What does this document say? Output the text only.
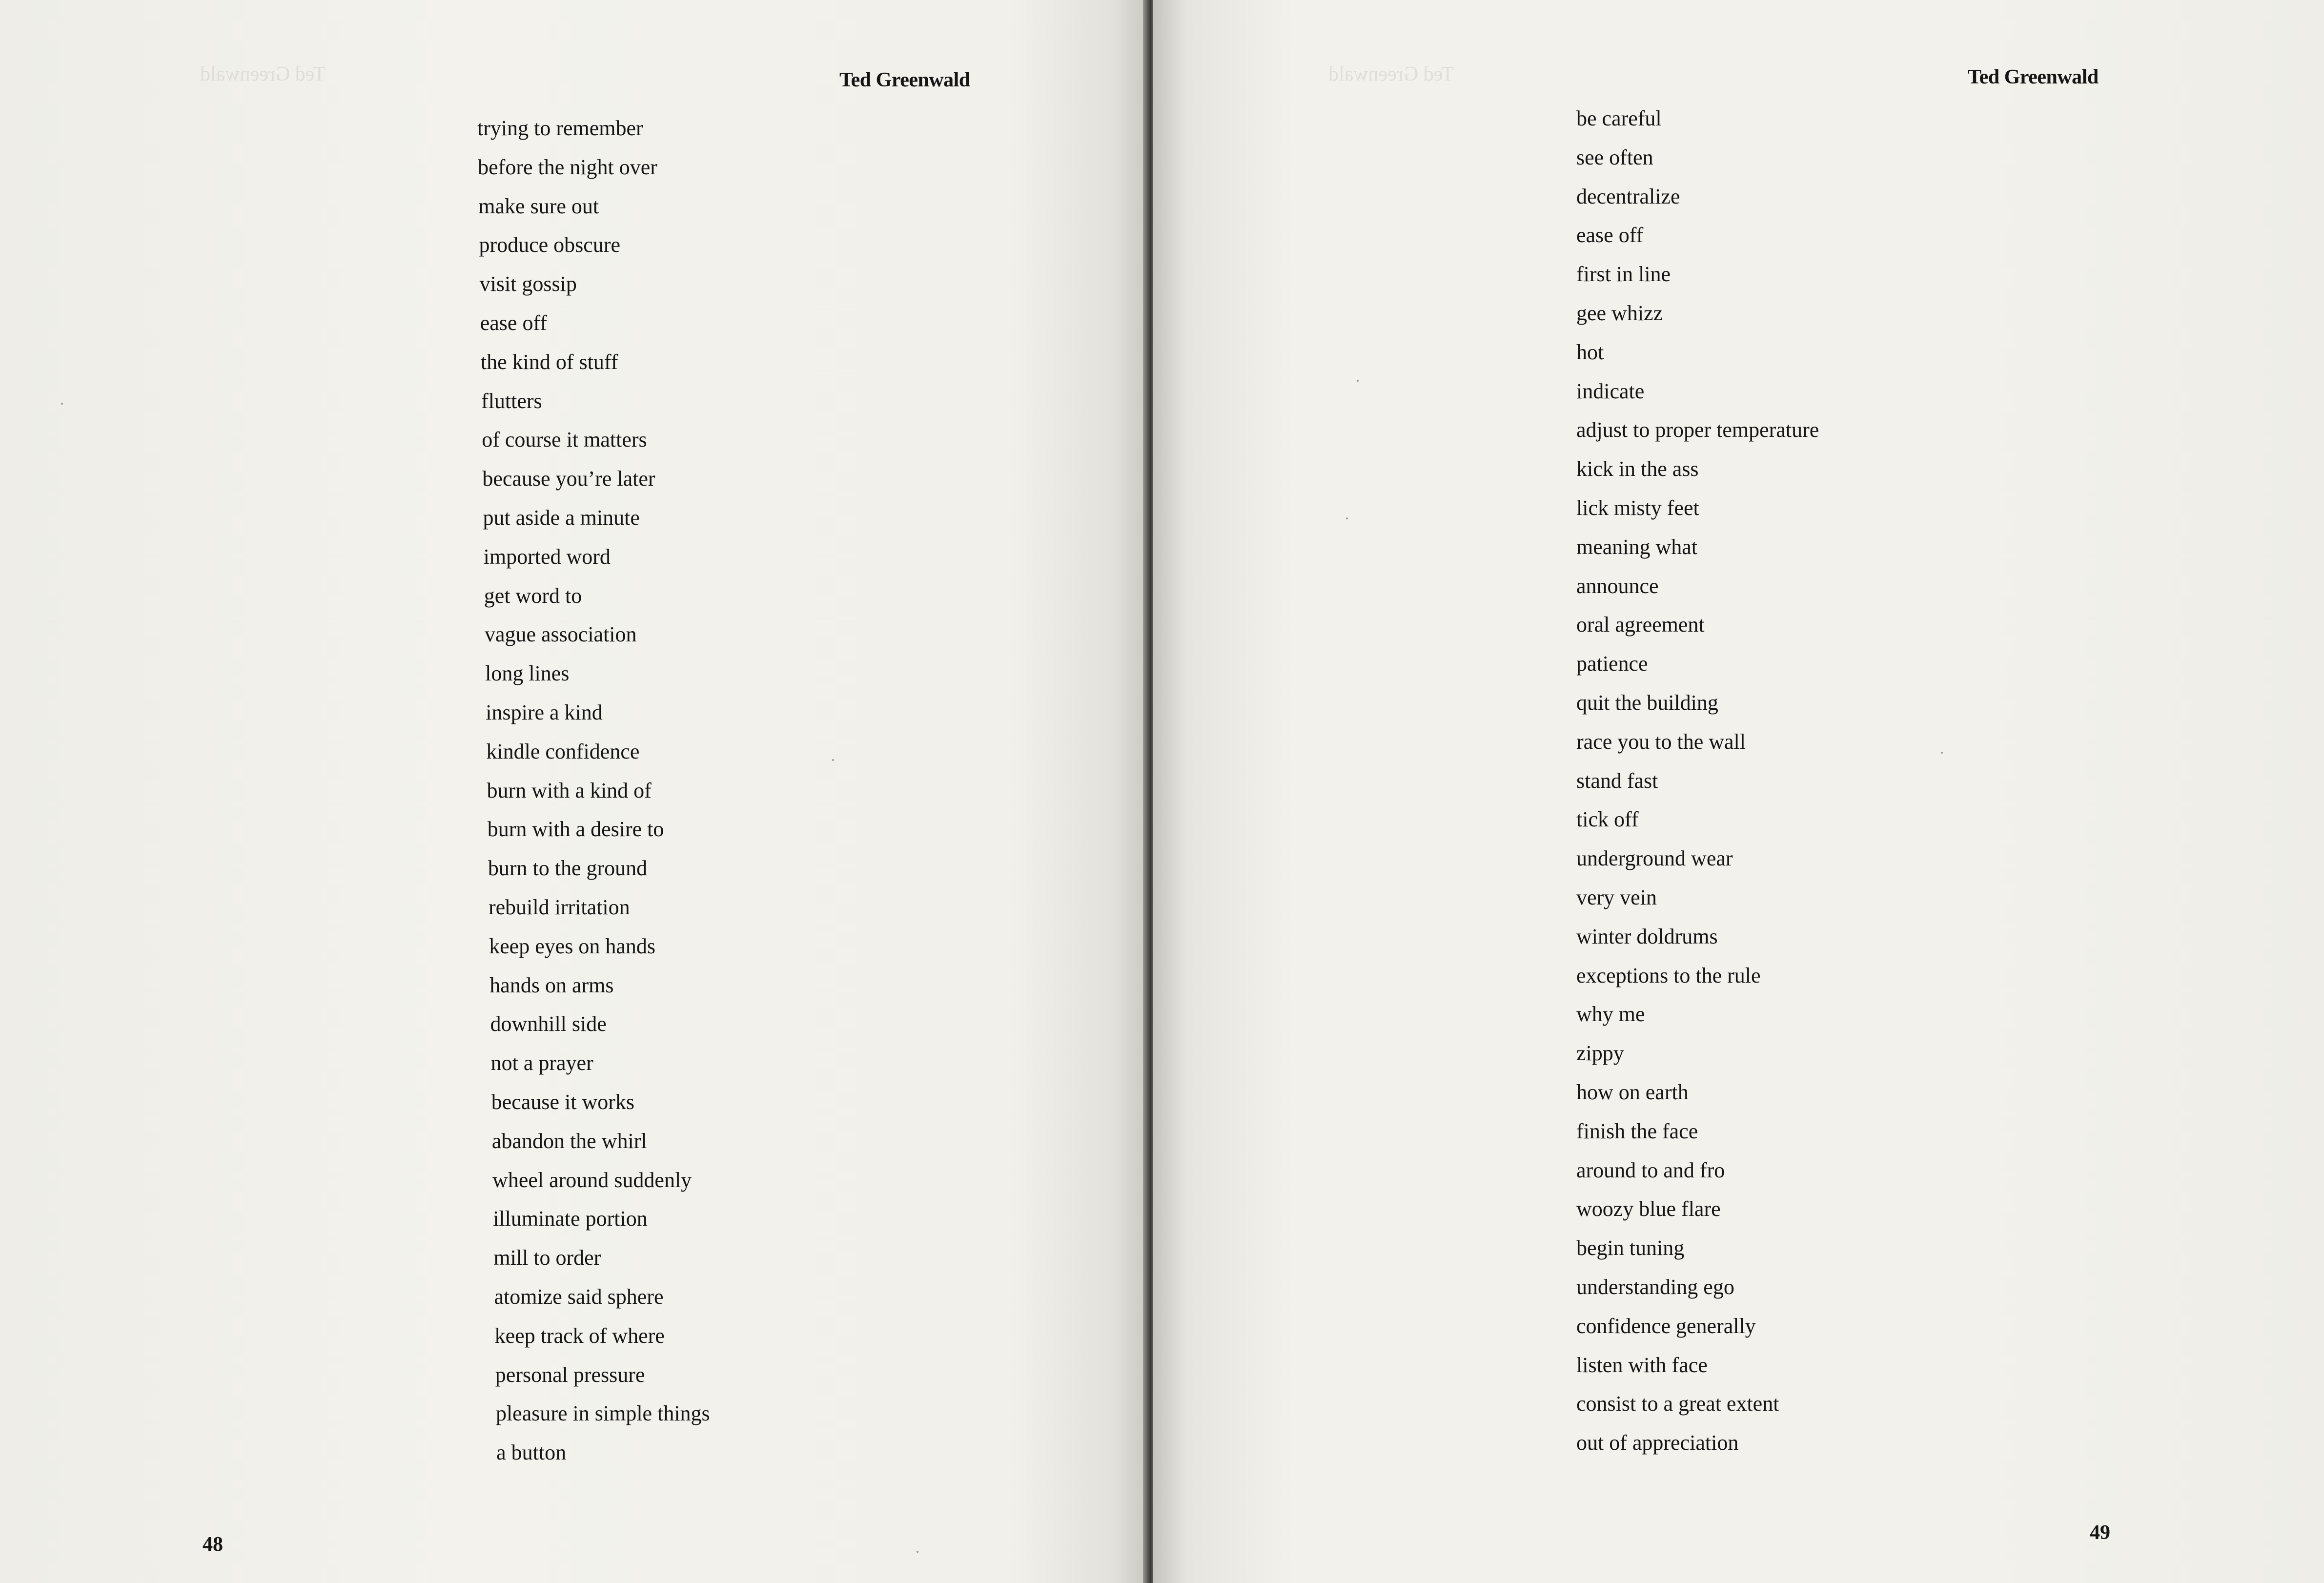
Ted Greenwald	Ted Greenwald
trying to remember
before the night over
make sure out
produce obscure
visit gossip
ease off
the kind of stuff
flutters
of course it matters
because you’re later
put aside a minute
imported word
get word to
vague association
long lines
inspire a kind
kindle confidence
burn with a kind of
burn with a desire to
burn to the ground
rebuild irritation
keep eyes on hands
hands on arms
downhill side
not a prayer
because it works
abandon the whirl
wheel around suddenly
illuminate portion
mill to order
atomize said sphere
keep track of where
personal pressure
pleasure in simple things
a button
48
Ted Greenwald	Ted Greenwald
be careful
see often
decentralize
ease off
first in line
gee whizz
hot
indicate
adjust to proper temperature
kick in the ass
lick misty feet
meaning what
announce
oral agreement
patience
quit the building
race you to the wall
stand fast
tick off
underground wear
very vein
winter doldrums
exceptions to the rule
why me
zippy
how on earth
finish the face
around to and fro
woozy blue flare
begin tuning
understanding ego
confidence generally
listen with face
consist to a great extent
out of appreciation
49
